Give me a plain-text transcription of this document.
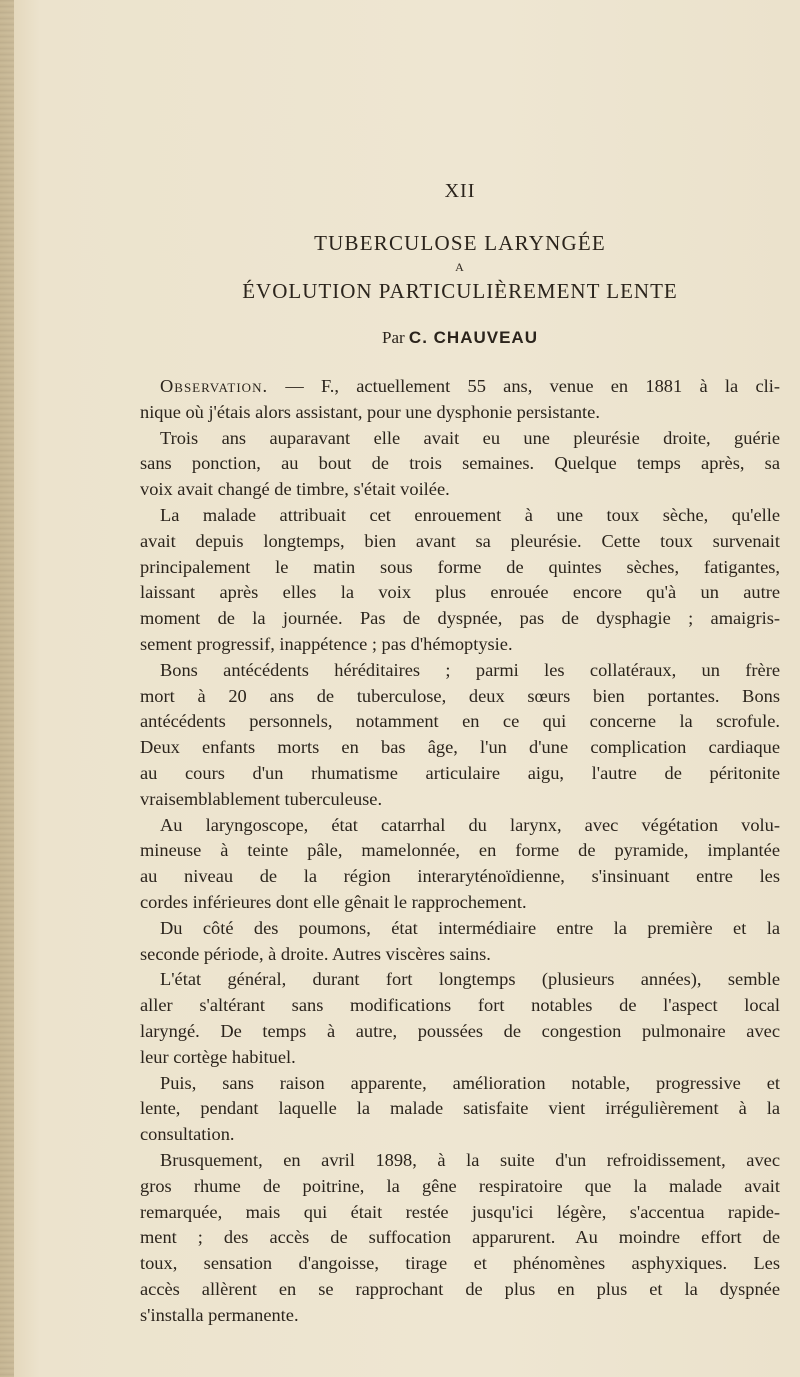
XII
TUBERCULOSE LARYNGÉE
A
ÉVOLUTION PARTICULIÈREMENT LENTE
Par C. CHAUVEAU

Observation. — F., actuellement 55 ans, venue en 1881 à la cli-
nique où j'étais alors assistant, pour une dysphonie persistante.

Trois ans auparavant elle avait eu une pleurésie droite, guérie
sans ponction, au bout de trois semaines. Quelque temps après, sa
voix avait changé de timbre, s'était voilée.

La malade attribuait cet enrouement à une toux sèche, qu'elle
avait depuis longtemps, bien avant sa pleurésie. Cette toux survenait
principalement le matin sous forme de quintes sèches, fatigantes,
laissant après elles la voix plus enrouée encore qu'à un autre
moment de la journée. Pas de dyspnée, pas de dysphagie ; amaigris-
sement progressif, inappétence ; pas d'hémoptysie.

Bons antécédents héréditaires ; parmi les collatéraux, un frère
mort à 20 ans de tuberculose, deux sœurs bien portantes. Bons
antécédents personnels, notamment en ce qui concerne la scrofule.
Deux enfants morts en bas âge, l'un d'une complication cardiaque
au cours d'un rhumatisme articulaire aigu, l'autre de péritonite
vraisemblablement tuberculeuse.

Au laryngoscope, état catarrhal du larynx, avec végétation volu-
mineuse à teinte pâle, mamelonnée, en forme de pyramide, implantée
au niveau de la région interaryténoïdienne, s'insinuant entre les
cordes inférieures dont elle gênait le rapprochement.

Du côté des poumons, état intermédiaire entre la première et la
seconde période, à droite. Autres viscères sains.

L'état général, durant fort longtemps (plusieurs années), semble
aller s'altérant sans modifications fort notables de l'aspect local
laryngé. De temps à autre, poussées de congestion pulmonaire avec
leur cortège habituel.

Puis, sans raison apparente, amélioration notable, progressive et
lente, pendant laquelle la malade satisfaite vient irrégulièrement à la
consultation.

Brusquement, en avril 1898, à la suite d'un refroidissement, avec
gros rhume de poitrine, la gêne respiratoire que la malade avait
remarquée, mais qui était restée jusqu'ici légère, s'accentua rapide-
ment ; des accès de suffocation apparurent. Au moindre effort de
toux, sensation d'angoisse, tirage et phénomènes asphyxiques. Les
accès allèrent en se rapprochant de plus en plus et la dyspnée
s'installa permanente.
